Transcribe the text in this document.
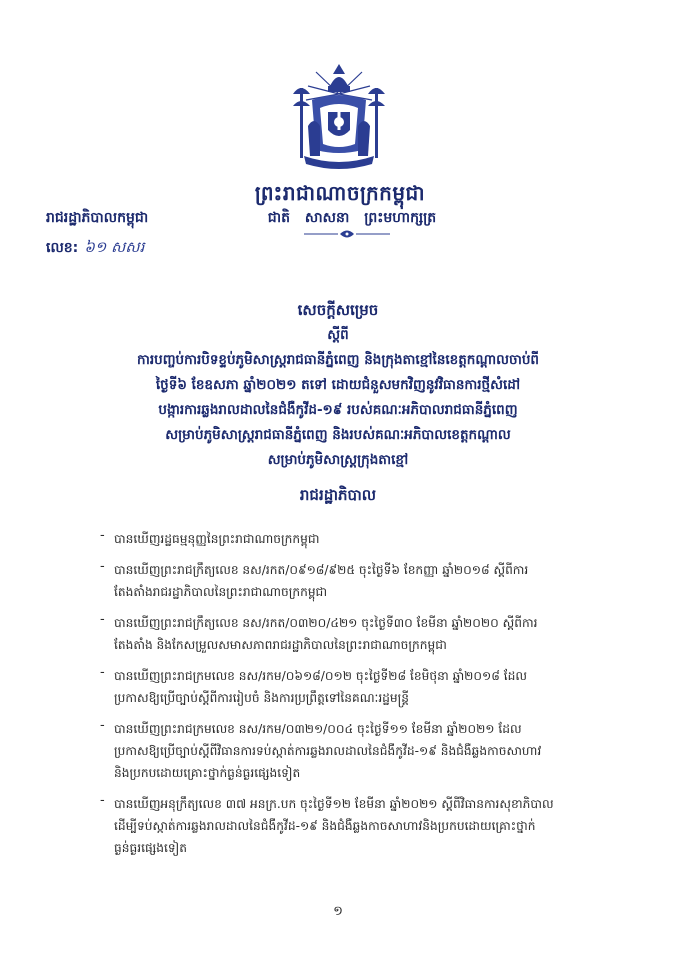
ព្រះរាជាណាចក្រកម្ពុជា
ជាតិ សាសនា ព្រះមហាក្សត្រ
រាជរដ្ឋាភិបាលកម្ពុជា
លេខ: ៦១ សសរ
សេចក្តីសម្រេច
ស្តីពី
ការបញ្ចប់ការបិទខ្ទប់ភូមិសាស្ត្ររាជធានីភ្នំពេញ និងក្រុងតាខ្មៅនៃខេត្តកណ្តាលចាប់ពី
ថ្ងៃទី៦ ខែឧសភា ឆ្នាំ២០២១ តទៅ ដោយជំនួសមកវិញនូវវិធានការថ្មីសំដៅ
បង្ការការឆ្លងរាលដាលនៃជំងឺកូវីដ-១៩ របស់គណៈអភិបាលរាជធានីភ្នំពេញ
សម្រាប់ភូមិសាស្ត្ររាជធានីភ្នំពេញ និងរបស់គណៈអភិបាលខេត្តកណ្តាល
សម្រាប់ភូមិសាស្ត្រក្រុងតាខ្មៅ
រាជរដ្ឋាភិបាល
- បានឃើញរដ្ឋធម្មនុញ្ញនៃព្រះរាជាណាចក្រកម្ពុជា
- បានឃើញព្រះរាជក្រឹត្យលេខ នស/រកត/០៩១៨/៩២៥ ចុះថ្ងៃទី៦ ខែកញ្ញា ឆ្នាំ២០១៨ ស្តីពីការ
តែងតាំងរាជរដ្ឋាភិបាលនៃព្រះរាជាណាចក្រកម្ពុជា
- បានឃើញព្រះរាជក្រឹត្យលេខ នស/រកត/០៣២០/៤២១ ចុះថ្ងៃទី៣០ ខែមីនា ឆ្នាំ២០២០ ស្តីពីការ
តែងតាំង និងកែសម្រួលសមាសភាពរាជរដ្ឋាភិបាលនៃព្រះរាជាណាចក្រកម្ពុជា
- បានឃើញព្រះរាជក្រមលេខ នស/រកម/០៦១៨/០១២ ចុះថ្ងៃទី២៨ ខែមិថុនា ឆ្នាំ២០១៨ ដែល
ប្រកាសឱ្យប្រើច្បាប់ស្តីពីការរៀបចំ និងការប្រព្រឹត្តទៅនៃគណៈរដ្ឋមន្ត្រី
- បានឃើញព្រះរាជក្រមលេខ នស/រកម/០៣២១/០០៤ ចុះថ្ងៃទី១១ ខែមីនា ឆ្នាំ២០២១ ដែល
ប្រកាសឱ្យប្រើច្បាប់ស្តីពីវិធានការទប់ស្កាត់ការឆ្លងរាលដាលនៃជំងឺកូវីដ-១៩ និងជំងឺឆ្លងកាចសាហាវ
និងប្រកបដោយគ្រោះថ្នាក់ធ្ងន់ធ្ងរផ្សេងទៀត
- បានឃើញអនុក្រឹត្យលេខ ៣៧ អនក្រ.បក ចុះថ្ងៃទី១២ ខែមីនា ឆ្នាំ២០២១ ស្តីពីវិធានការសុខាភិបាល
ដើម្បីទប់ស្កាត់ការឆ្លងរាលដាលនៃជំងឺកូវីដ-១៩ និងជំងឺឆ្លងកាចសាហាវនិងប្រកបដោយគ្រោះថ្នាក់
ធ្ងន់ធ្ងរផ្សេងទៀត
១
